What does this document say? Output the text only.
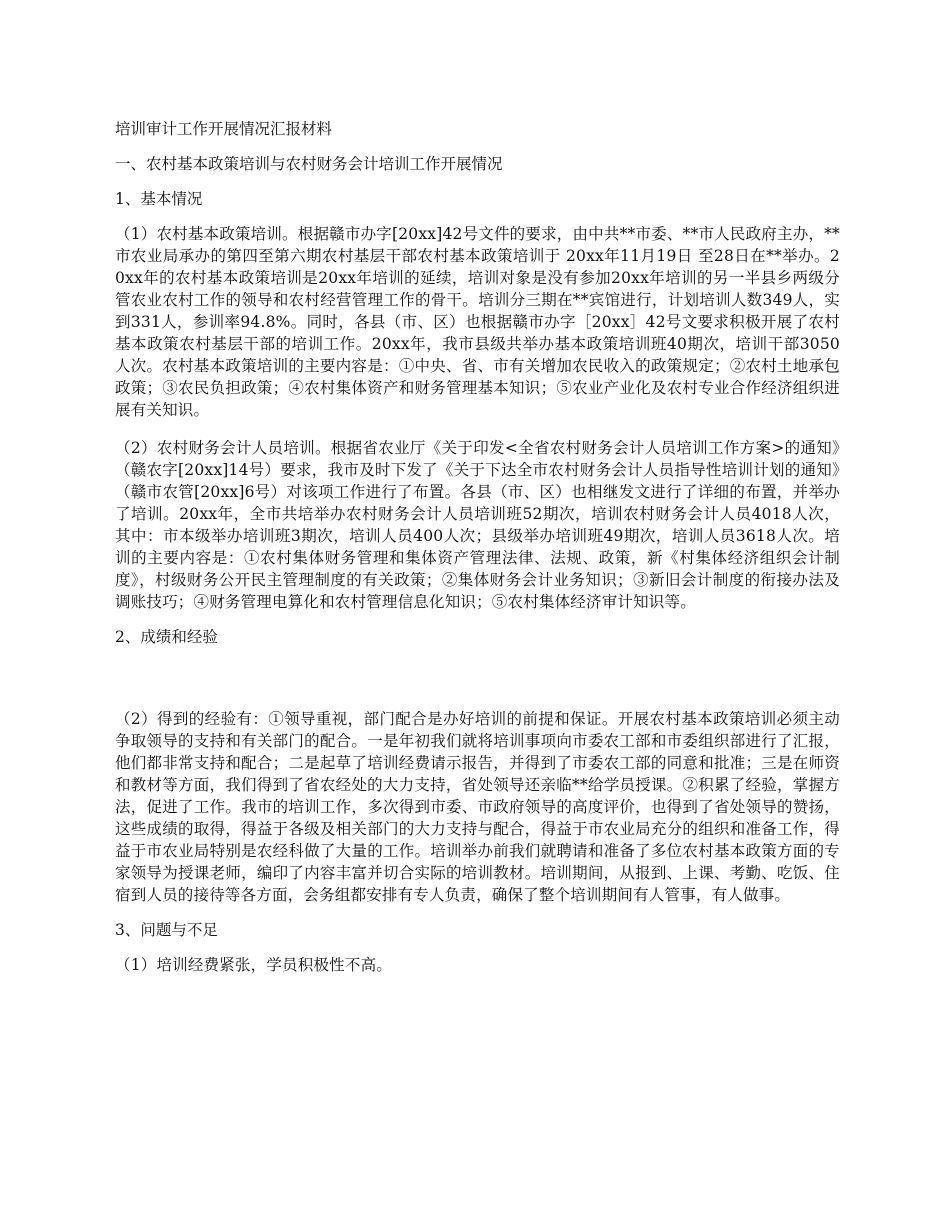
培训审计工作开展情况汇报材料

一、农村基本政策培训与农村财务会计培训工作开展情况

1、基本情况

（1）农村基本政策培训。根据赣市办字[20xx]42号文件的要求，由中共**市委、**市人民政府主办，**市农业局承办的第四至第六期农村基层干部农村基本政策培训于 20xx年11月19日 至28日在**举办。20xx年的农村基本政策培训是20xx年培训的延续，培训对象是没有参加20xx年培训的另一半县乡两级分管农业农村工作的领导和农村经营管理工作的骨干。培训分三期在**宾馆进行，计划培训人数349人，实到331人，参训率94.8%。同时，各县（市、区）也根据赣市办字［20xx］42号文要求积极开展了农村基本政策农村基层干部的培训工作。20xx年，我市县级共举办基本政策培训班40期次，培训干部3050人次。农村基本政策培训的主要内容是：①中央、省、市有关增加农民收入的政策规定；②农村土地承包政策；③农民负担政策；④农村集体资产和财务管理基本知识；⑤农业产业化及农村专业合作经济组织进展有关知识。

（2）农村财务会计人员培训。根据省农业厅《关于印发<全省农村财务会计人员培训工作方案>的通知》（赣农字[20xx]14号）要求，我市及时下发了《关于下达全市农村财务会计人员指导性培训计划的通知》（赣市农管[20xx]6号）对该项工作进行了布置。各县（市、区）也相继发文进行了详细的布置，并举办了培训。20xx年，全市共培举办农村财务会计人员培训班52期次，培训农村财务会计人员4018人次，其中：市本级举办培训班3期次，培训人员400人次；县级举办培训班49期次，培训人员3618人次。培训的主要内容是：①农村集体财务管理和集体资产管理法律、法规、政策，新《村集体经济组织会计制度》，村级财务公开民主管理制度的有关政策；②集体财务会计业务知识；③新旧会计制度的衔接办法及调账技巧；④财务管理电算化和农村管理信息化知识；⑤农村集体经济审计知识等。

2、成绩和经验

（2）得到的经验有：①领导重视，部门配合是办好培训的前提和保证。开展农村基本政策培训必须主动争取领导的支持和有关部门的配合。一是年初我们就将培训事项向市委农工部和市委组织部进行了汇报，他们都非常支持和配合；二是起草了培训经费请示报告，并得到了市委农工部的同意和批准；三是在师资和教材等方面，我们得到了省农经处的大力支持，省处领导还亲临**给学员授课。②积累了经验，掌握方法，促进了工作。我市的培训工作，多次得到市委、市政府领导的高度评价，也得到了省处领导的赞扬，这些成绩的取得，得益于各级及相关部门的大力支持与配合，得益于市农业局充分的组织和准备工作，得益于市农业局特别是农经科做了大量的工作。培训举办前我们就聘请和准备了多位农村基本政策方面的专家领导为授课老师，编印了内容丰富并切合实际的培训教材。培训期间，从报到、上课、考勤、吃饭、住宿到人员的接待等各方面，会务组都安排有专人负责，确保了整个培训期间有人管事，有人做事。

3、问题与不足

（1）培训经费紧张，学员积极性不高。
